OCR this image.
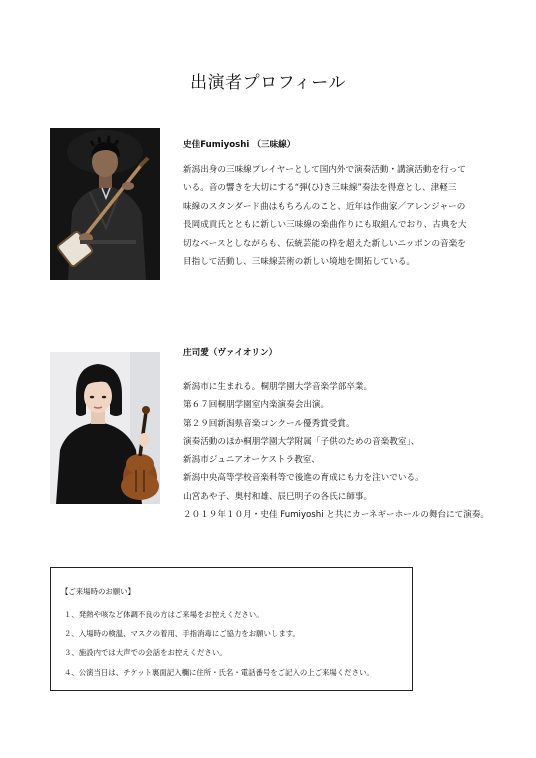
出演者プロフィール
史佳Fumiyoshi （三味線）
新潟出身の三味線プレイヤーとして国内外で演奏活動・講演活動を行って
いる。音の響きを大切にする“弾(ひ)き三味線”奏法を得意とし、津軽三
味線のスタンダード曲はもちろんのこと、近年は作曲家／アレンジャーの
長岡成貢氏とともに新しい三味線の楽曲作りにも取組んでおり、古典を大
切なベースとしながらも、伝統芸能の枠を超えた新しいニッポンの音楽を
目指して活動し、三味線芸術の新しい境地を開拓している。
庄司愛（ヴァイオリン）
新潟市に生まれる。桐朋学園大学音楽学部卒業。
第６７回桐朋学園室内楽演奏会出演。
第２９回新潟県音楽コンクール優秀賞受賞。
演奏活動のほか桐朋学園大学附属「子供のための音楽教室」、
新潟市ジュニアオーケストラ教室、
新潟中央高等学校音楽科等で後進の育成にも力を注いでいる。
山宮あや子、奥村和雄、辰巳明子の各氏に師事。
２０１９年１０月・史佳 Fumiyoshi と共にカーネギーホールの舞台にて演奏。
【ご来場時のお願い】
１、発熱や咳など体調不良の方はご来場をお控えください。
２、入場時の検温、マスクの着用、手指消毒にご協力をお願いします。
３、施設内では大声での会話をお控えください。
４、公演当日は、チケット裏面記入欄に住所・氏名・電話番号をご記入の上ご来場ください。
